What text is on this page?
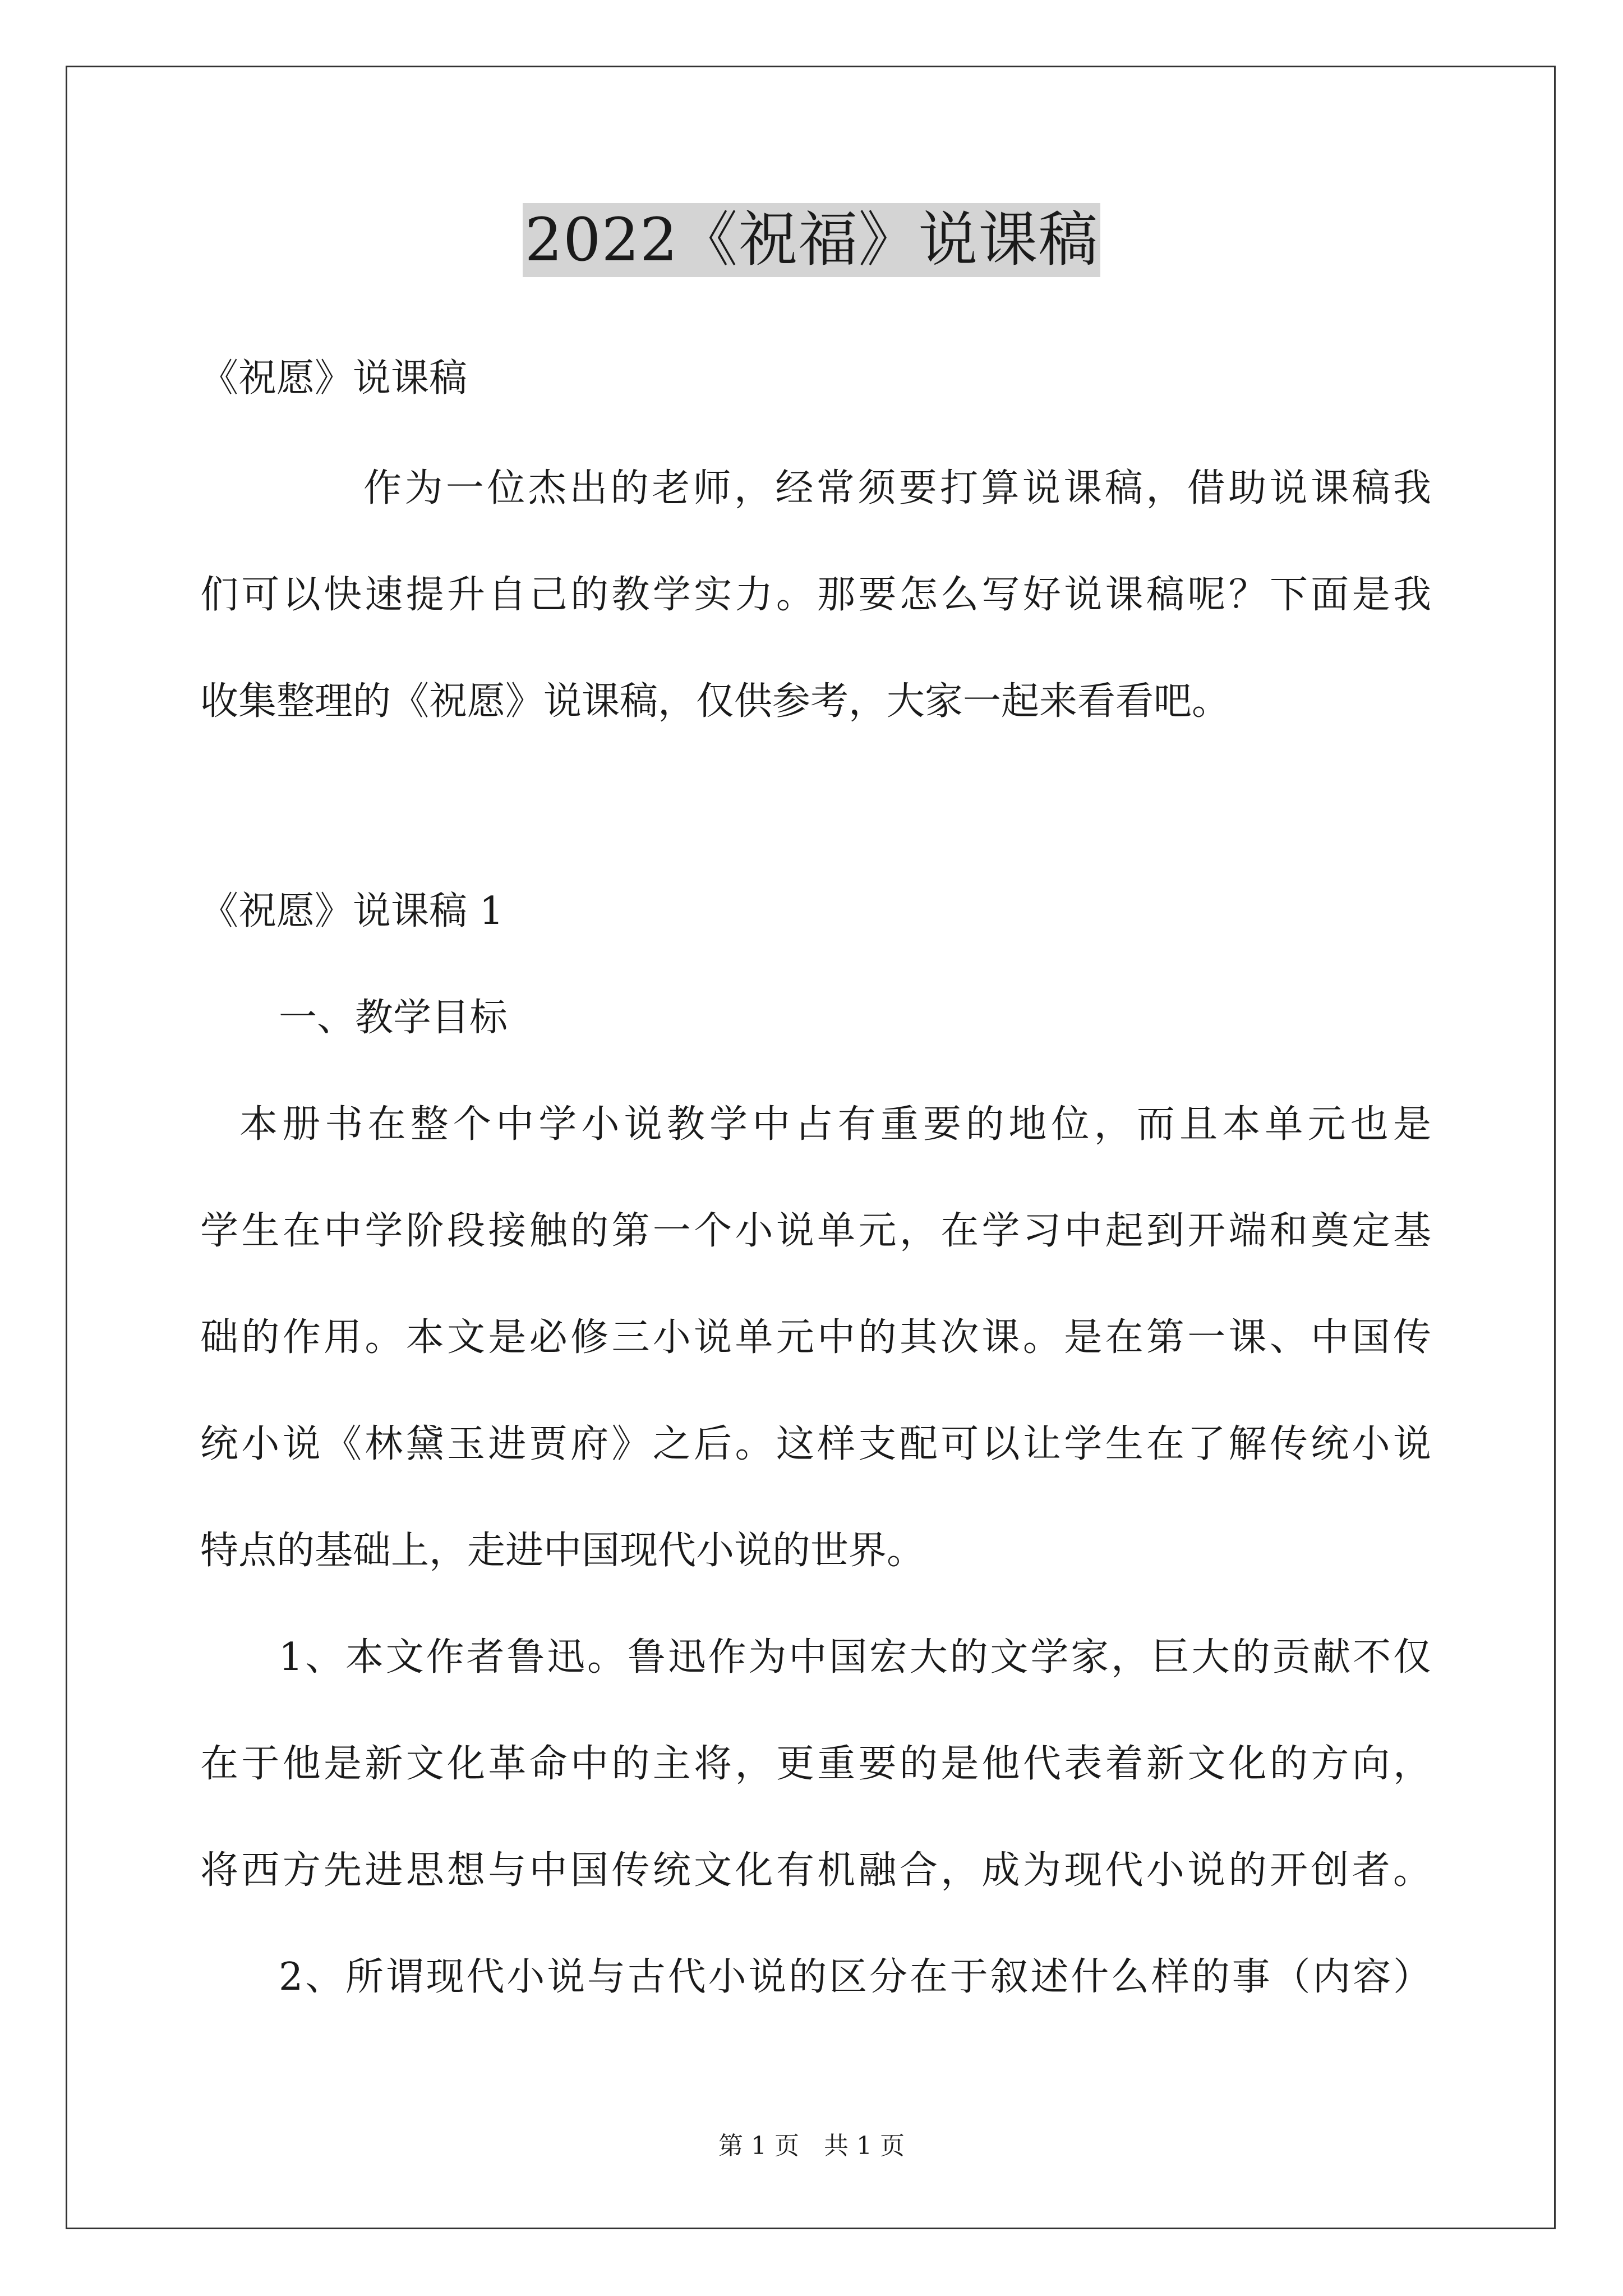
2022《祝福》说课稿
《祝愿》说课稿
作为一位杰出的老师，经常须要打算说课稿，借助说课稿我
们可以快速提升自己的教学实力。那要怎么写好说课稿呢？下面是我
收集整理的《祝愿》说课稿，仅供参考，大家一起来看看吧。
《祝愿》说课稿 1
一、教学目标
本册书在整个中学小说教学中占有重要的地位，而且本单元也是
学生在中学阶段接触的第一个小说单元，在学习中起到开端和奠定基
础的作用。本文是必修三小说单元中的其次课。是在第一课、中国传
统小说《林黛玉进贾府》之后。这样支配可以让学生在了解传统小说
特点的基础上，走进中国现代小说的世界。
1、本文作者鲁迅。鲁迅作为中国宏大的文学家，巨大的贡献不仅
在于他是新文化革命中的主将，更重要的是他代表着新文化的方向，
将西方先进思想与中国传统文化有机融合，成为现代小说的开创者。
2、所谓现代小说与古代小说的区分在于叙述什么样的事（内容）
第 1 页　共 1 页
